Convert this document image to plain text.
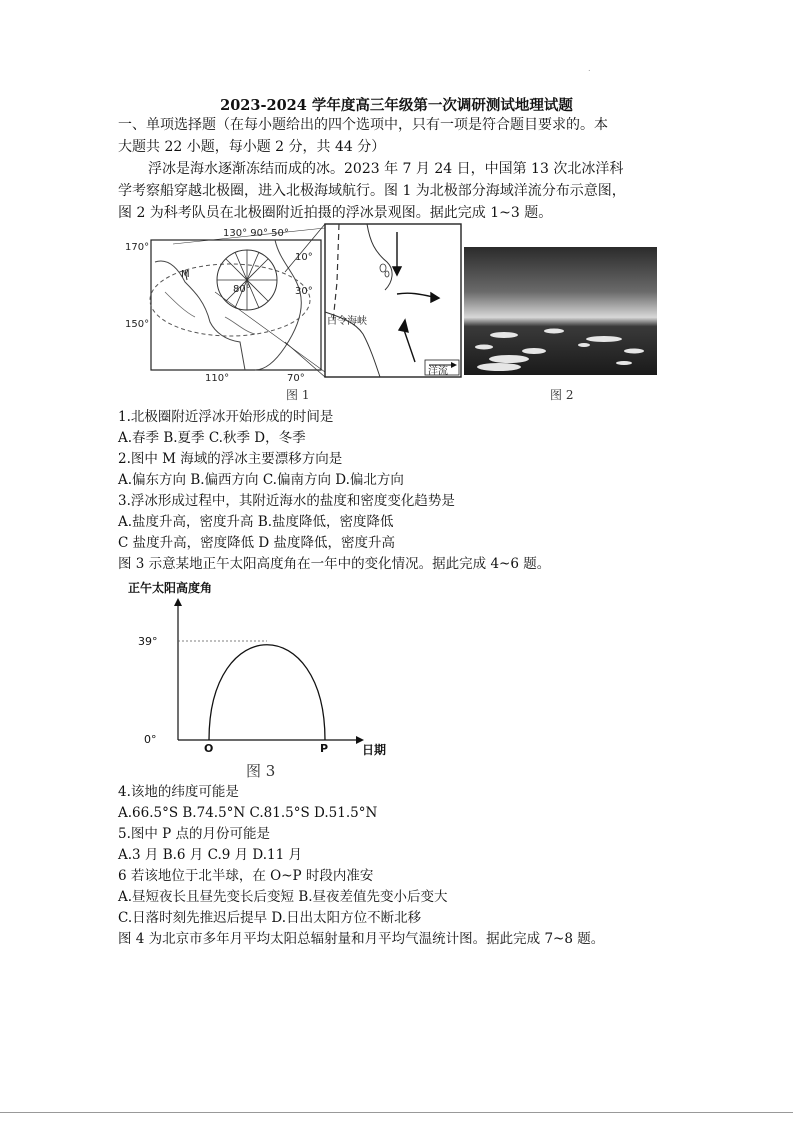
.
2023-2024 学年度高三年级第一次调研测试地理试题
一、单项选择题（在每小题给出的四个选项中，只有一项是符合题目要求的。本
大题共 22 小题，每小题 2 分，共 44 分）
浮冰是海水逐渐冻结而成的冰。2023 年 7 月 24 日，中国第 13 次北冰洋科
学考察船穿越北极圈，进入北极海域航行。图 1 为北极部分海域洋流分布示意图，
图 2 为科考队员在北极圈附近拍摄的浮冰景观图。据此完成 1~3 题。
M
80°
170°
150°
130° 90° 50°
10°
30°
110°	70°
白令海峡
洋流
图 1	图 2
1.北极圈附近浮冰开始形成的时间是
A.春季 B.夏季 C.秋季 D，冬季
2.图中 M 海域的浮冰主要漂移方向是
A.偏东方向 B.偏西方向 C.偏南方向 D.偏北方向
3.浮冰形成过程中，其附近海水的盐度和密度变化趋势是
A.盐度升高，密度升高 B.盐度降低，密度降低
C 盐度升高，密度降低 D 盐度降低，密度升高
图 3 示意某地正午太阳高度角在一年中的变化情况。据此完成 4~6 题。
正午太阳高度角
39°
0°
O	P	日期
图 3
4.该地的纬度可能是
A.66.5°S B.74.5°N C.81.5°S D.51.5°N
5.图中 P 点的月份可能是
A.3 月 B.6 月 C.9 月 D.11 月
6 若该地位于北半球，在 O~P 时段内准安
A.昼短夜长且昼先变长后变短 B.昼夜差值先变小后变大
C.日落时刻先推迟后提早 D.日出太阳方位不断北移
图 4 为北京市多年月平均太阳总辐射量和月平均气温统计图。据此完成 7~8 题。
